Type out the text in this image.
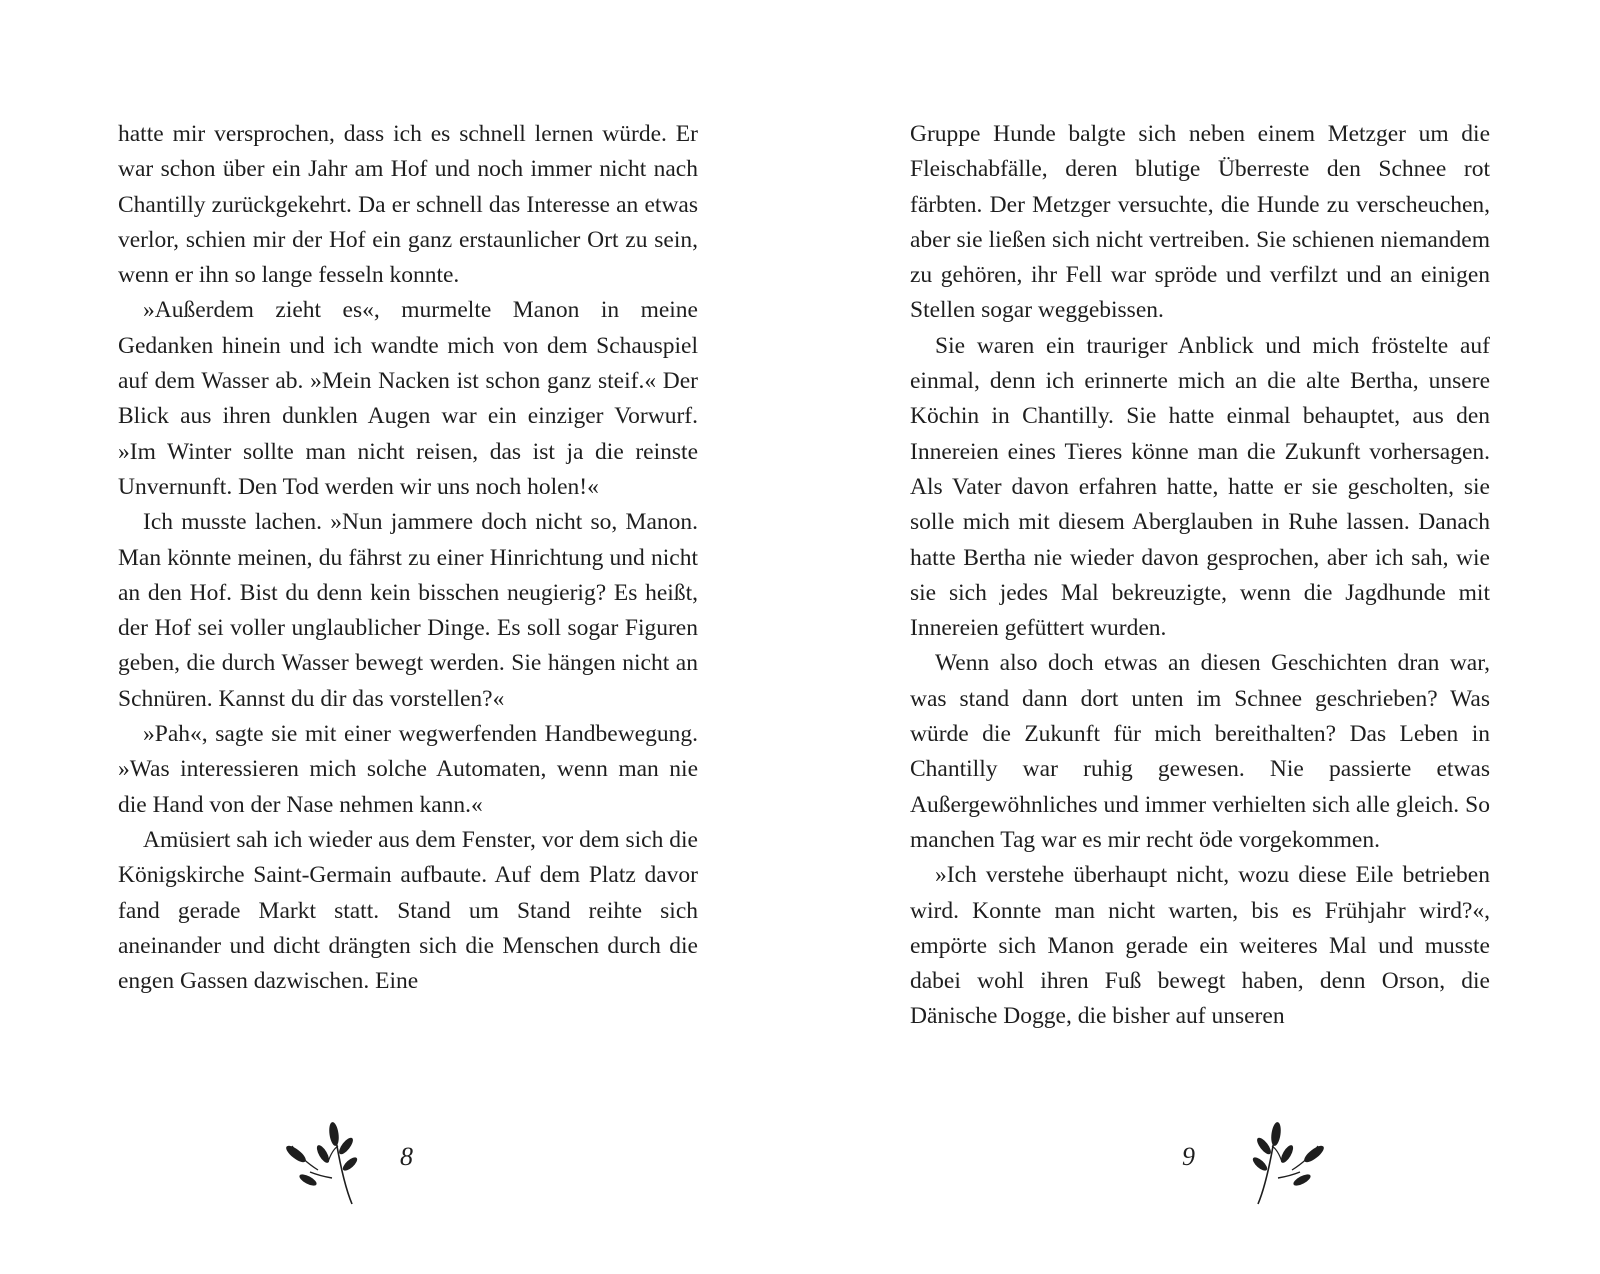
hatte mir versprochen, dass ich es schnell lernen würde. Er war schon über ein Jahr am Hof und noch immer nicht nach Chantilly zurückgekehrt. Da er schnell das Interesse an etwas verlor, schien mir der Hof ein ganz erstaunlicher Ort zu sein, wenn er ihn so lange fesseln konnte.

»Außerdem zieht es«, murmelte Manon in meine Gedanken hinein und ich wandte mich von dem Schauspiel auf dem Wasser ab. »Mein Nacken ist schon ganz steif.« Der Blick aus ihren dunklen Augen war ein einziger Vorwurf. »Im Winter sollte man nicht reisen, das ist ja die reinste Unvernunft. Den Tod werden wir uns noch holen!«

Ich musste lachen. »Nun jammere doch nicht so, Manon. Man könnte meinen, du fährst zu einer Hinrichtung und nicht an den Hof. Bist du denn kein bisschen neugierig? Es heißt, der Hof sei voller unglaublicher Dinge. Es soll sogar Figuren geben, die durch Wasser bewegt werden. Sie hängen nicht an Schnüren. Kannst du dir das vorstellen?«

»Pah«, sagte sie mit einer wegwerfenden Handbewegung. »Was interessieren mich solche Automaten, wenn man nie die Hand von der Nase nehmen kann.«

Amüsiert sah ich wieder aus dem Fenster, vor dem sich die Königskirche Saint-Germain aufbaute. Auf dem Platz davor fand gerade Markt statt. Stand um Stand reihte sich aneinander und dicht drängten sich die Menschen durch die engen Gassen dazwischen. Eine

8

Gruppe Hunde balgte sich neben einem Metzger um die Fleischabfälle, deren blutige Überreste den Schnee rot färbten. Der Metzger versuchte, die Hunde zu verscheuchen, aber sie ließen sich nicht vertreiben. Sie schienen niemandem zu gehören, ihr Fell war spröde und verfilzt und an einigen Stellen sogar weggebissen.

Sie waren ein trauriger Anblick und mich fröstelte auf einmal, denn ich erinnerte mich an die alte Bertha, unsere Köchin in Chantilly. Sie hatte einmal behauptet, aus den Innereien eines Tieres könne man die Zukunft vorhersagen. Als Vater davon erfahren hatte, hatte er sie gescholten, sie solle mich mit diesem Aberglauben in Ruhe lassen. Danach hatte Bertha nie wieder davon gesprochen, aber ich sah, wie sie sich jedes Mal bekreuzigte, wenn die Jagdhunde mit Innereien gefüttert wurden.

Wenn also doch etwas an diesen Geschichten dran war, was stand dann dort unten im Schnee geschrieben? Was würde die Zukunft für mich bereithalten? Das Leben in Chantilly war ruhig gewesen. Nie passierte etwas Außergewöhnliches und immer verhielten sich alle gleich. So manchen Tag war es mir recht öde vorgekommen.

»Ich verstehe überhaupt nicht, wozu diese Eile betrieben wird. Konnte man nicht warten, bis es Frühjahr wird?«, empörte sich Manon gerade ein weiteres Mal und musste dabei wohl ihren Fuß bewegt haben, denn Orson, die Dänische Dogge, die bisher auf unseren

9
